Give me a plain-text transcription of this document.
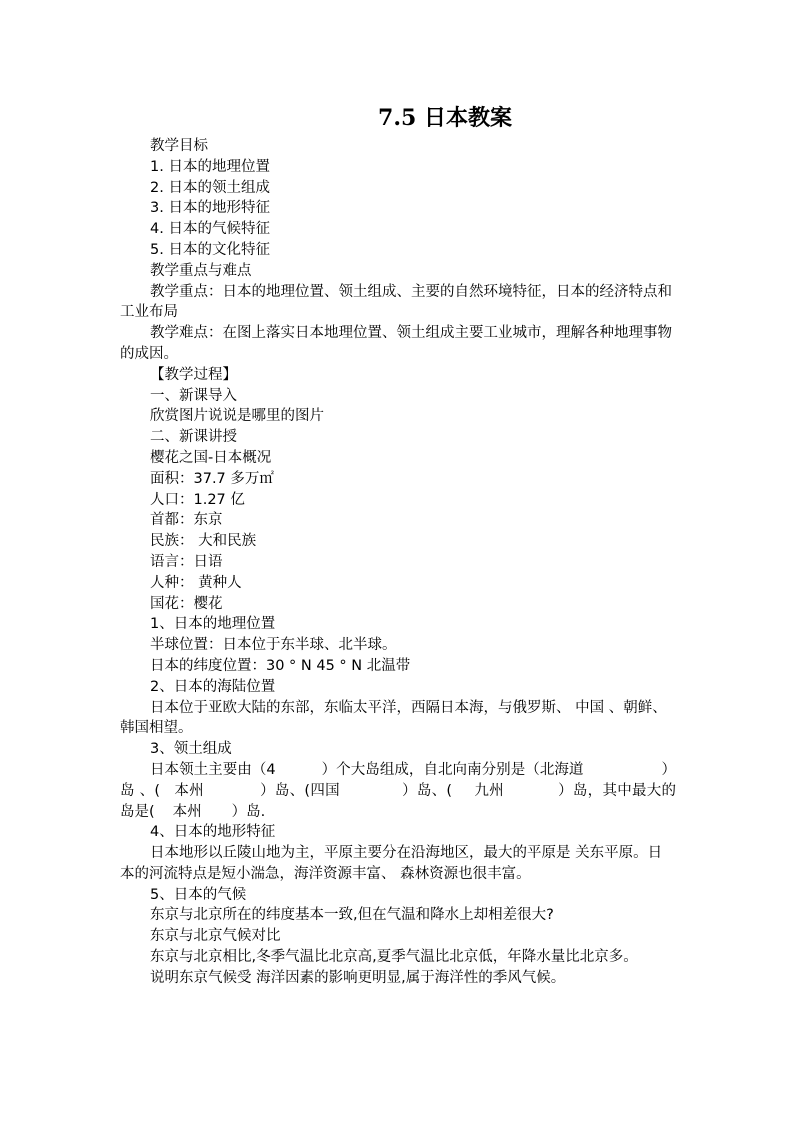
7.5 日本教案

教学目标

1. 日本的地理位置

2. 日本的领土组成

3. 日本的地形特征

4. 日本的气候特征

5. 日本的文化特征

教学重点与难点

教学重点：日本的地理位置、领土组成、主要的自然环境特征，日本的经济特点和工业布局

教学难点：在图上落实日本地理位置、领土组成主要工业城市，理解各种地理事物的成因。

【教学过程】

一、新课导入

欣赏图片说说是哪里的图片

二、新课讲授

樱花之国-日本概况

面积：37.7 多万㎡

人口：1.27 亿

首都：东京

民族： 大和民族

语言：日语

人种： 黄种人

国花：樱花

1、日本的地理位置

半球位置：日本位于东半球、北半球。

日本的纬度位置：30 ° N 45 ° N 北温带

2、日本的海陆位置

日本位于亚欧大陆的东部，东临太平洋，西隔日本海，与俄罗斯、 中国 、朝鲜、韩国相望。

3、领土组成

日本领土主要由（4	）个大岛组成，自北向南分别是（北海道	）岛 、( 本州	）岛、(四国	）岛、( 九州	）岛，其中最大的岛是( 本州 ）岛.

4、日本的地形特征

日本地形以丘陵山地为主，平原主要分在沿海地区，最大的平原是 关东平原。日本的河流特点是短小湍急，海洋资源丰富、 森林资源也很丰富。

5、日本的气候

东京与北京所在的纬度基本一致,但在气温和降水上却相差很大?

东京与北京气候对比

东京与北京相比,冬季气温比北京高,夏季气温比北京低，年降水量比北京多。

说明东京气候受 海洋因素的影响更明显,属于海洋性的季风气候。
